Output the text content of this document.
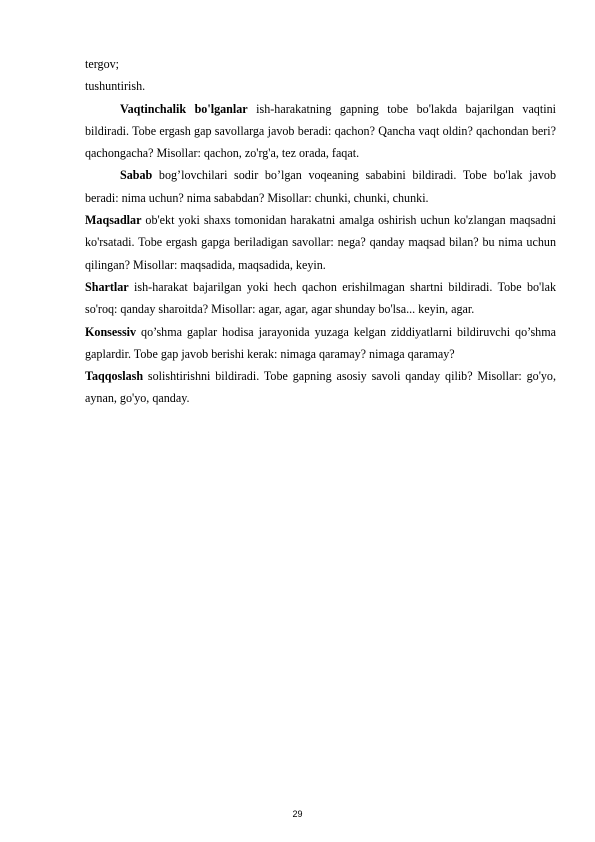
tergov;
tushuntirish.

Vaqtinchalik bo'lganlar ish-harakatning gapning tobe bo'lakda bajarilgan vaqtini bildiradi. Tobe ergash gap savollarga javob beradi: qachon? Qancha vaqt oldin? qachondan beri? qachongacha? Misollar: qachon, zo'rg'a, tez orada, faqat.

Sabab bog’lovchilari sodir bo’lgan voqeaning sababini bildiradi. Tobe bo'lak javob beradi: nima uchun? nima sababdan? Misollar: chunki, chunki, chunki.

Maqsadlar ob'ekt yoki shaxs tomonidan harakatni amalga oshirish uchun ko'zlangan maqsadni ko'rsatadi. Tobe ergash gapga beriladigan savollar: nega? qanday maqsad bilan? bu nima uchun qilingan? Misollar: maqsadida, maqsadida, keyin.

Shartlar ish-harakat bajarilgan yoki hech qachon erishilmagan shartni bildiradi. Tobe bo'lak so'roq: qanday sharoitda? Misollar: agar, agar, agar shunday bo'lsa... keyin, agar.

Konsessiv qo’shma gaplar hodisa jarayonida yuzaga kelgan ziddiyatlarni bildiruvchi qo’shma gaplardir. Tobe gap javob berishi kerak: nimaga qaramay? nimaga qaramay?

Taqqoslash solishtirishni bildiradi. Tobe gapning asosiy savoli qanday qilib? Misollar: go'yo, aynan, go'yo, qanday.

29
